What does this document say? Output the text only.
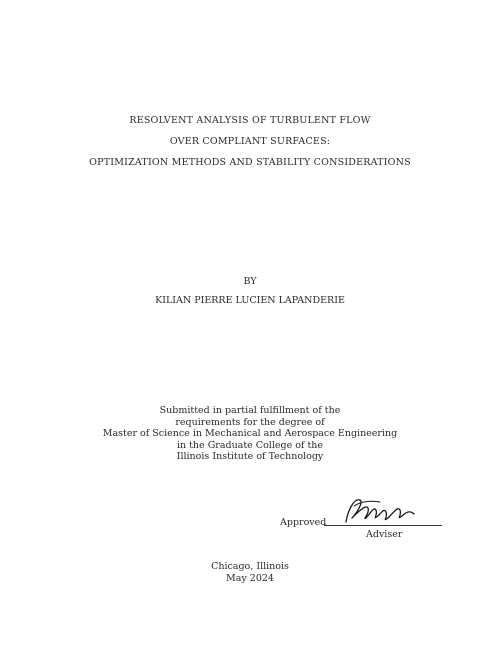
RESOLVENT ANALYSIS OF TURBULENT FLOW
OVER COMPLIANT SURFACES:
OPTIMIZATION METHODS AND STABILITY CONSIDERATIONS
BY
KILIAN PIERRE LUCIEN LAPANDERIE
Submitted in partial fulfillment of the
requirements for the degree of
Master of Science in Mechanical and Aerospace Engineering
in the Graduate College of the
Illinois Institute of Technology
Approved
Adviser
Chicago, Illinois
May 2024
